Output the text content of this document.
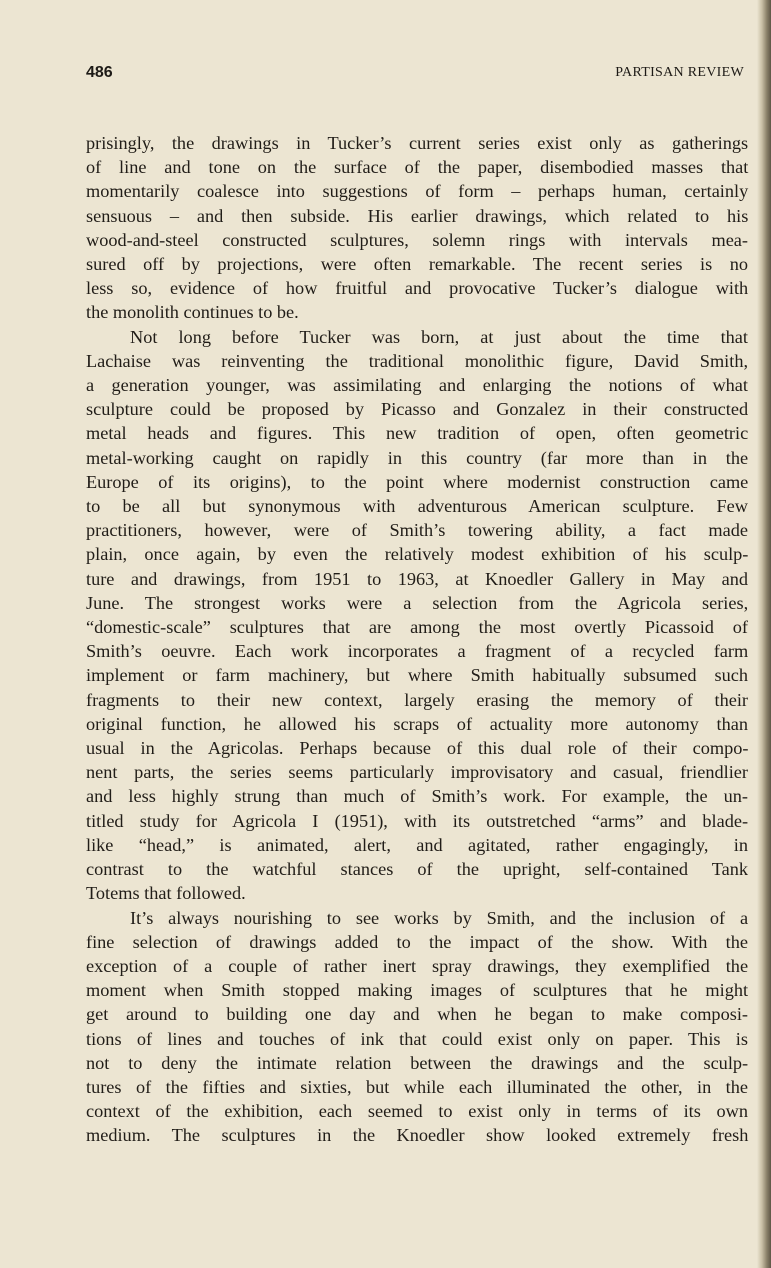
486	PARTISAN REVIEW

prisingly, the drawings in Tucker’s current series exist only as gatherings
of line and tone on the surface of the paper, disembodied masses that
momentarily coalesce into suggestions of form – perhaps human, certainly
sensuous – and then subside. His earlier drawings, which related to his
wood-and-steel constructed sculptures, solemn rings with intervals mea-
sured off by projections, were often remarkable. The recent series is no
less so, evidence of how fruitful and provocative Tucker’s dialogue with
the monolith continues to be.

Not long before Tucker was born, at just about the time that
Lachaise was reinventing the traditional monolithic figure, David Smith,
a generation younger, was assimilating and enlarging the notions of what
sculpture could be proposed by Picasso and Gonzalez in their constructed
metal heads and figures. This new tradition of open, often geometric
metal-working caught on rapidly in this country (far more than in the
Europe of its origins), to the point where modernist construction came
to be all but synonymous with adventurous American sculpture. Few
practitioners, however, were of Smith’s towering ability, a fact made
plain, once again, by even the relatively modest exhibition of his sculp-
ture and drawings, from 1951 to 1963, at Knoedler Gallery in May and
June. The strongest works were a selection from the Agricola series,
“domestic-scale” sculptures that are among the most overtly Picassoid of
Smith’s oeuvre. Each work incorporates a fragment of a recycled farm
implement or farm machinery, but where Smith habitually subsumed such
fragments to their new context, largely erasing the memory of their
original function, he allowed his scraps of actuality more autonomy than
usual in the Agricolas. Perhaps because of this dual role of their compo-
nent parts, the series seems particularly improvisatory and casual, friendlier
and less highly strung than much of Smith’s work. For example, the un-
titled study for Agricola I (1951), with its outstretched “arms” and blade-
like “head,” is animated, alert, and agitated, rather engagingly, in
contrast to the watchful stances of the upright, self-contained Tank
Totems that followed.

It’s always nourishing to see works by Smith, and the inclusion of a
fine selection of drawings added to the impact of the show. With the
exception of a couple of rather inert spray drawings, they exemplified the
moment when Smith stopped making images of sculptures that he might
get around to building one day and when he began to make composi-
tions of lines and touches of ink that could exist only on paper. This is
not to deny the intimate relation between the drawings and the sculp-
tures of the fifties and sixties, but while each illuminated the other, in the
context of the exhibition, each seemed to exist only in terms of its own
medium. The sculptures in the Knoedler show looked extremely fresh
